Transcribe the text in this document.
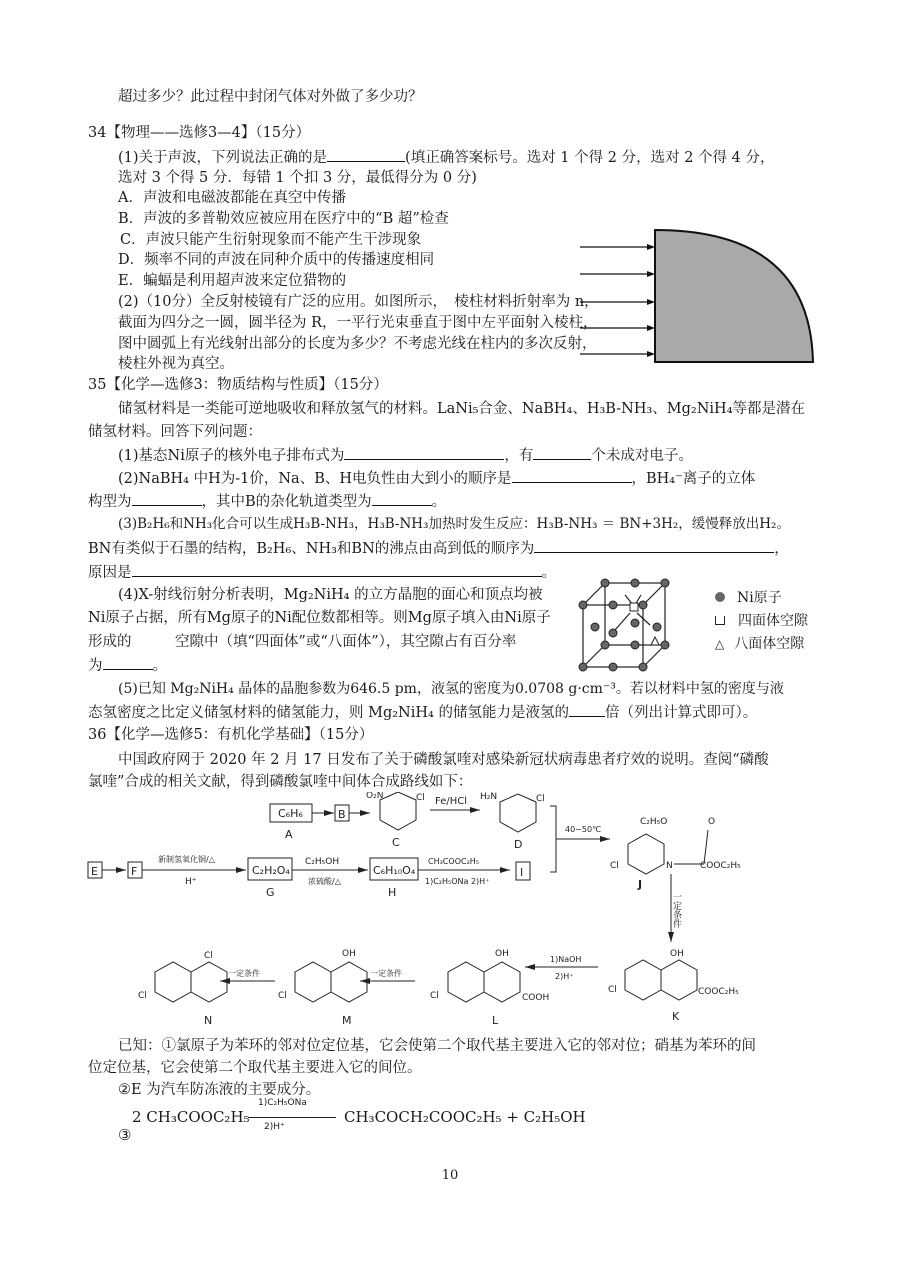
超过多少？此过程中封闭气体对外做了多少功？
34【物理——选修3—4】（15分）
(1)关于声波，下列说法正确的是	(填正确答案标号。选对 1 个得 2 分，选对 2 个得 4 分，
选对 3 个得 5 分．每错 1 个扣 3 分，最低得分为 0 分)
A．声波和电磁波都能在真空中传播
B．声波的多普勒效应被应用在医疗中的“B 超”检查
C．声波只能产生衍射现象而不能产生干涉现象
D．频率不同的声波在同种介质中的传播速度相同
E．蝙蝠是利用超声波来定位猎物的
(2)（10分）全反射棱镜有广泛的应用。如图所示，　棱柱材料折射率为 n，
截面为四分之一圆，圆半径为 R，一平行光束垂直于图中左平面射入棱柱，
图中圆弧上有光线射出部分的长度为多少？不考虑光线在柱内的多次反射，
棱柱外视为真空。
35【化学—选修3：物质结构与性质】（15分）
储氢材料是一类能可逆地吸收和释放氢气的材料。LaNi₅合金、NaBH₄、H₃B-NH₃、Mg₂NiH₄等都是潜在
储氢材料。回答下列问题：
(1)基态Ni原子的核外电子排布式为	，有	个未成对电子。
(2)NaBH₄ 中H为-1价，Na、B、H电负性由大到小的顺序是	，BH₄⁻离子的立体
构型为	，其中B的杂化轨道类型为	。
(3)B₂H₆和NH₃化合可以生成H₃B-NH₃，H₃B-NH₃加热时发生反应：H₃B-NH₃ ＝ BN+3H₂，缓慢释放出H₂。
BN有类似于石墨的结构，B₂H₆、NH₃和BN的沸点由高到低的顺序为	，
原因是	。
(4)X-射线衍射分析表明，Mg₂NiH₄ 的立方晶胞的面心和顶点均被
Ni原子占据，所有Mg原子的Ni配位数都相等。则Mg原子填入由Ni原子
形成的　　　空隙中（填“四面体”或“八面体”），其空隙占有百分率
为	。
Ni原子
四面体空隙
△ 八面体空隙
(5)已知 Mg₂NiH₄ 晶体的晶胞参数为646.5 pm，液氢的密度为0.0708 g·cm⁻³。若以材料中氢的密度与液
态氢密度之比定义储氢材料的储氢能力，则 Mg₂NiH₄ 的储氢能力是液氢的 倍（列出计算式即可）。
36【化学—选修5：有机化学基础】（15分）
中国政府网于 2020 年 2 月 17 日发布了关于磷酸氯喹对感染新冠状病毒患者疗效的说明。查阅“磷酸
氯喹”合成的相关文献，得到磷酸氯喹中间体合成路线如下：
C₆H₆	B
A
O₂N	Cl
C
Fe/HCl H₂N	Cl
D
40~50℃
E	F
新制氢氧化铜/△
H⁺
C₂H₂O₄
G
C₂H₅OH
浓硫酸/△
C₆H₁₀O₄
H
CH₃COOC₂H₅
1)C₂H₅ONa 2)H⁺
I
C₂H₅O	O
Cl	N	COOC₂H₅
J
一定条件
OH
Cl	COOC₂H₅
K
1)NaOH
2)H⁺
OH
Cl	COOH
L
一定条件
OH
Cl
M
一定条件
Cl
Cl
N
已知：①氯原子为苯环的邻对位定位基，它会使第二个取代基主要进入它的邻对位；硝基为苯环的间
位定位基，它会使第二个取代基主要进入它的间位。
②E 为汽车防冻液的主要成分。
③
2 CH₃COOC₂H₅
1)C₂H₅ONa
2)H⁺
CH₃COCH₂COOC₂H₅ + C₂H₅OH
10
